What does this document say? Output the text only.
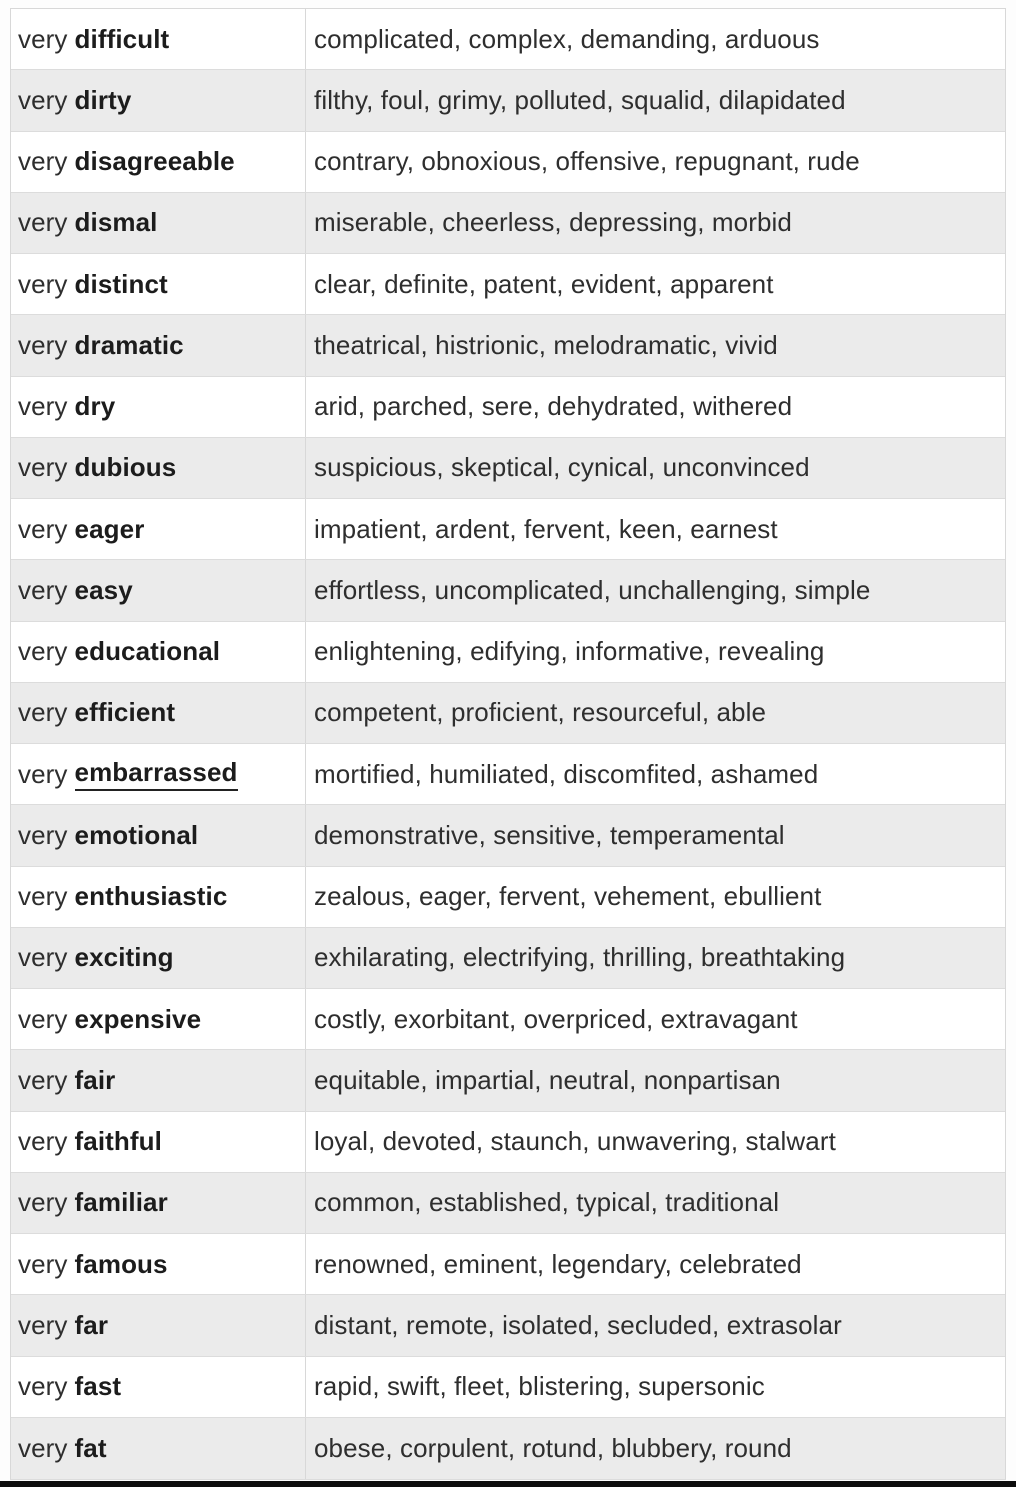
very difficult	complicated, complex, demanding, arduous
very dirty	filthy, foul, grimy, polluted, squalid, dilapidated
very disagreeable	contrary, obnoxious, offensive, repugnant, rude
very dismal	miserable, cheerless, depressing, morbid
very distinct	clear, definite, patent, evident, apparent
very dramatic	theatrical, histrionic, melodramatic, vivid
very dry	arid, parched, sere, dehydrated, withered
very dubious	suspicious, skeptical, cynical, unconvinced
very eager	impatient, ardent, fervent, keen, earnest
very easy	effortless, uncomplicated, unchallenging, simple
very educational	enlightening, edifying, informative, revealing
very efficient	competent, proficient, resourceful, able
very embarrassed	mortified, humiliated, discomfited, ashamed
very emotional	demonstrative, sensitive, temperamental
very enthusiastic	zealous, eager, fervent, vehement, ebullient
very exciting	exhilarating, electrifying, thrilling, breathtaking
very expensive	costly, exorbitant, overpriced, extravagant
very fair	equitable, impartial, neutral, nonpartisan
very faithful	loyal, devoted, staunch, unwavering, stalwart
very familiar	common, established, typical, traditional
very famous	renowned, eminent, legendary, celebrated
very far	distant, remote, isolated, secluded, extrasolar
very fast	rapid, swift, fleet, blistering, supersonic
very fat	obese, corpulent, rotund, blubbery, round
